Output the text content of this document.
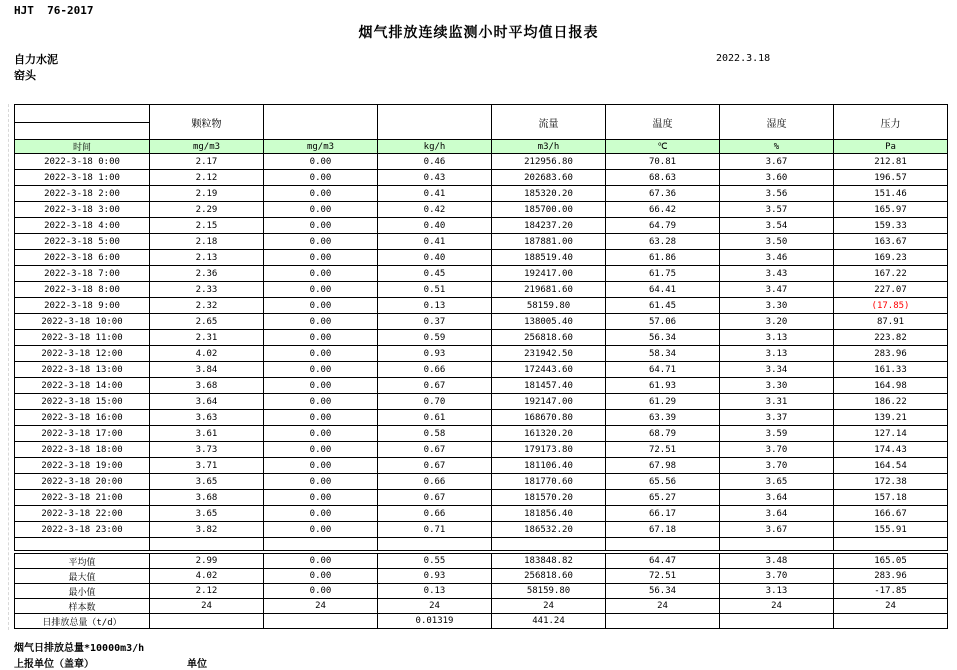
HJT  76-2017
烟气排放连续监测小时平均值日报表
自力水泥
窑头
2022.3.18
	颗粒物			流量	温度	湿度	压力

时间	mg/m3	mg/m3	kg/h	m3/h	℃	%	Pa
2022-3-18 0:00	2.17	0.00	0.46	212956.80	70.81	3.67	212.81
2022-3-18 1:00	2.12	0.00	0.43	202683.60	68.63	3.60	196.57
2022-3-18 2:00	2.19	0.00	0.41	185320.20	67.36	3.56	151.46
2022-3-18 3:00	2.29	0.00	0.42	185700.00	66.42	3.57	165.97
2022-3-18 4:00	2.15	0.00	0.40	184237.20	64.79	3.54	159.33
2022-3-18 5:00	2.18	0.00	0.41	187881.00	63.28	3.50	163.67
2022-3-18 6:00	2.13	0.00	0.40	188519.40	61.86	3.46	169.23
2022-3-18 7:00	2.36	0.00	0.45	192417.00	61.75	3.43	167.22
2022-3-18 8:00	2.33	0.00	0.51	219681.60	64.41	3.47	227.07
2022-3-18 9:00	2.32	0.00	0.13	58159.80	61.45	3.30	(17.85)
2022-3-18 10:00	2.65	0.00	0.37	138005.40	57.06	3.20	87.91
2022-3-18 11:00	2.31	0.00	0.59	256818.60	56.34	3.13	223.82
2022-3-18 12:00	4.02	0.00	0.93	231942.50	58.34	3.13	283.96
2022-3-18 13:00	3.84	0.00	0.66	172443.60	64.71	3.34	161.33
2022-3-18 14:00	3.68	0.00	0.67	181457.40	61.93	3.30	164.98
2022-3-18 15:00	3.64	0.00	0.70	192147.00	61.29	3.31	186.22
2022-3-18 16:00	3.63	0.00	0.61	168670.80	63.39	3.37	139.21
2022-3-18 17:00	3.61	0.00	0.58	161320.20	68.79	3.59	127.14
2022-3-18 18:00	3.73	0.00	0.67	179173.80	72.51	3.70	174.43
2022-3-18 19:00	3.71	0.00	0.67	181106.40	67.98	3.70	164.54
2022-3-18 20:00	3.65	0.00	0.66	181770.60	65.56	3.65	172.38
2022-3-18 21:00	3.68	0.00	0.67	181570.20	65.27	3.64	157.18
2022-3-18 22:00	3.65	0.00	0.66	181856.40	66.17	3.64	166.67
2022-3-18 23:00	3.82	0.00	0.71	186532.20	67.18	3.67	155.91

平均值	2.99	0.00	0.55	183848.82	64.47	3.48	165.05
最大值	4.02	0.00	0.93	256818.60	72.51	3.70	283.96
最小值	2.12	0.00	0.13	58159.80	56.34	3.13	-17.85
样本数	24	24	24	24	24	24	24
日排放总量（t/d）			0.01319	441.24			
烟气日排放总量*10000m3/h
上报单位（盖章）	单位
